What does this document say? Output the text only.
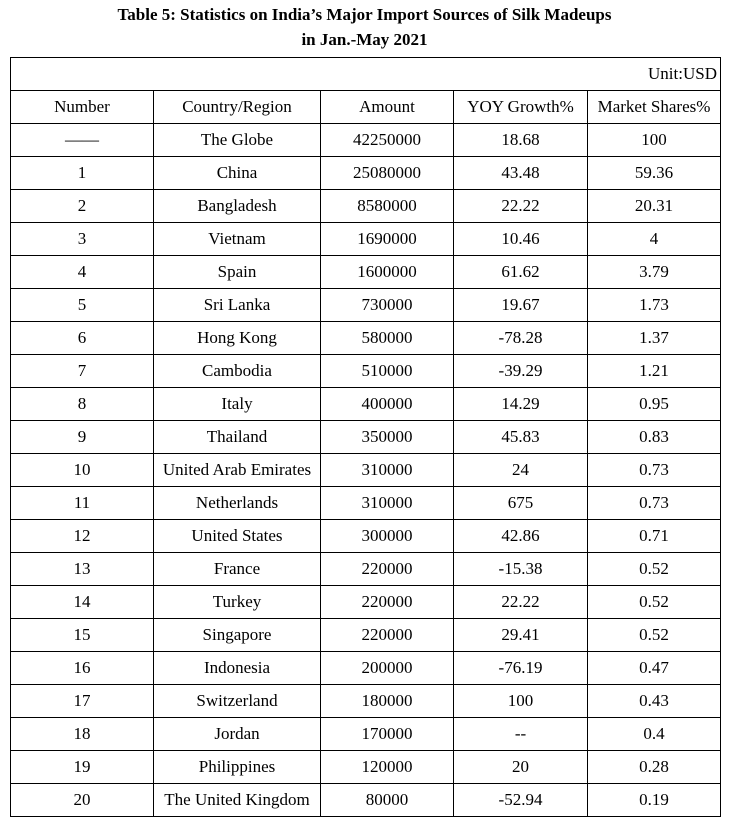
Table 5: Statistics on India’s Major Import Sources of Silk Madeups
in Jan.-May 2021
Unit:USD				
Number	Country/Region	Amount	YOY Growth%	Market Shares%
——	The Globe	42250000	18.68	100
1	China	25080000	43.48	59.36
2	Bangladesh	8580000	22.22	20.31
3	Vietnam	1690000	10.46	4
4	Spain	1600000	61.62	3.79
5	Sri Lanka	730000	19.67	1.73
6	Hong Kong	580000	-78.28	1.37
7	Cambodia	510000	-39.29	1.21
8	Italy	400000	14.29	0.95
9	Thailand	350000	45.83	0.83
10	United Arab Emirates	310000	24	0.73
11	Netherlands	310000	675	0.73
12	United States	300000	42.86	0.71
13	France	220000	-15.38	0.52
14	Turkey	220000	22.22	0.52
15	Singapore	220000	29.41	0.52
16	Indonesia	200000	-76.19	0.47
17	Switzerland	180000	100	0.43
18	Jordan	170000	--	0.4
19	Philippines	120000	20	0.28
20	The United Kingdom	80000	-52.94	0.19
